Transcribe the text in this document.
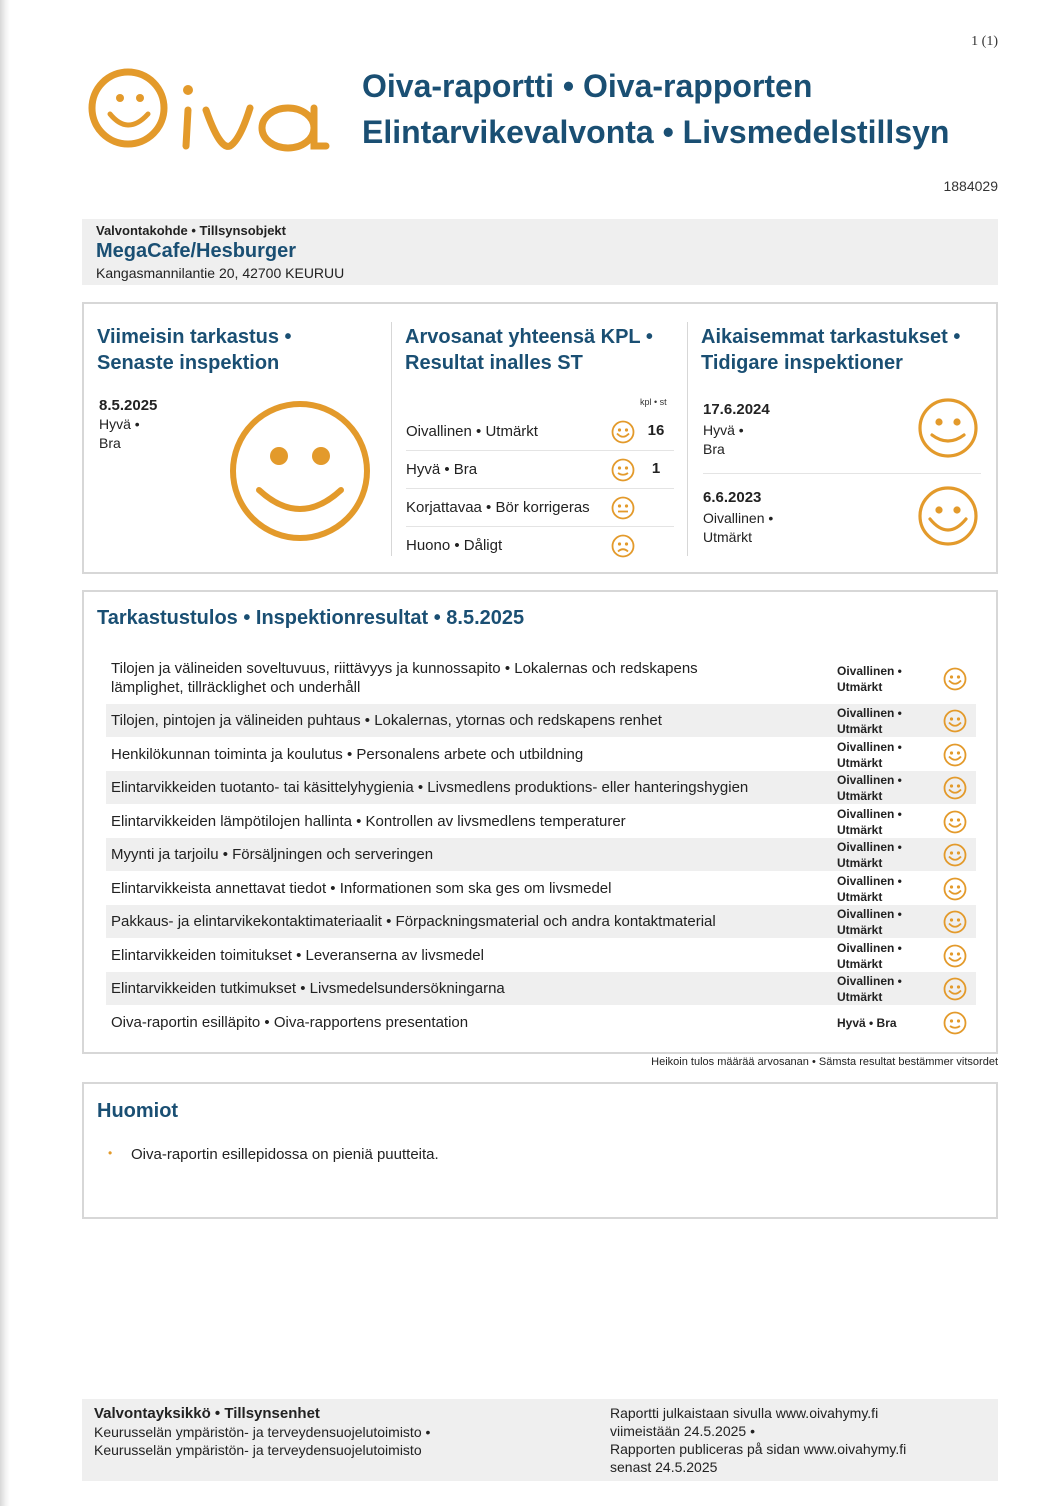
1 (1)
Oiva-raportti • Oiva-rapporten
Elintarvikevalvonta • Livsmedelstillsyn
1884029
Valvontakohde • Tillsynsobjekt
MegaCafe/Hesburger
Kangasmannilantie 20, 42700 KEURUU
Viimeisin tarkastus •
Senaste inspektion
8.5.2025
Hyvä •
Bra
Arvosanat yhteensä KPL •
Resultat inalles ST
kpl • st
Oivallinen • Utmärkt	16
Hyvä • Bra	1
Korjattavaa • Bör korrigeras
Huono • Dåligt
Aikaisemmat tarkastukset •
Tidigare inspektioner
17.6.2024
Hyvä •
Bra
6.6.2023
Oivallinen •
Utmärkt
Tarkastustulos • Inspektionresultat • 8.5.2025
Tilojen ja välineiden soveltuvuus, riittävyys ja kunnossapito • Lokalernas och redskapens
lämplighet, tillräcklighet och underhåll
Oivallinen •
Utmärkt
Tilojen, pintojen ja välineiden puhtaus • Lokalernas, ytornas och redskapens renhet	Oivallinen •
Utmärkt
Henkilökunnan toiminta ja koulutus • Personalens arbete och utbildning	Oivallinen •
Utmärkt
Elintarvikkeiden tuotanto- tai käsittelyhygienia • Livsmedlens produktions- eller hanteringshygien	Oivallinen •
Utmärkt
Elintarvikkeiden lämpötilojen hallinta • Kontrollen av livsmedlens temperaturer	Oivallinen •
Utmärkt
Myynti ja tarjoilu • Försäljningen och serveringen	Oivallinen •
Utmärkt
Elintarvikkeista annettavat tiedot • Informationen som ska ges om livsmedel	Oivallinen •
Utmärkt
Pakkaus- ja elintarvikekontaktimateriaalit • Förpackningsmaterial och andra kontaktmaterial	Oivallinen •
Utmärkt
Elintarvikkeiden toimitukset • Leveranserna av livsmedel	Oivallinen •
Utmärkt
Elintarvikkeiden tutkimukset • Livsmedelsundersökningarna	Oivallinen •
Utmärkt
Oiva-raportin esilläpito • Oiva-rapportens presentation	Hyvä • Bra
Heikoin tulos määrää arvosanan • Sämsta resultat bestämmer vitsordet
Huomiot
• Oiva-raportin esillepidossa on pieniä puutteita.
Valvontayksikkö • Tillsynsenhet
Keurusselän ympäristön- ja terveydensuojelutoimisto •
Keurusselän ympäristön- ja terveydensuojelutoimisto
Raportti julkaistaan sivulla www.oivahymy.fi
viimeistään 24.5.2025 •
Rapporten publiceras på sidan www.oivahymy.fi
senast 24.5.2025
